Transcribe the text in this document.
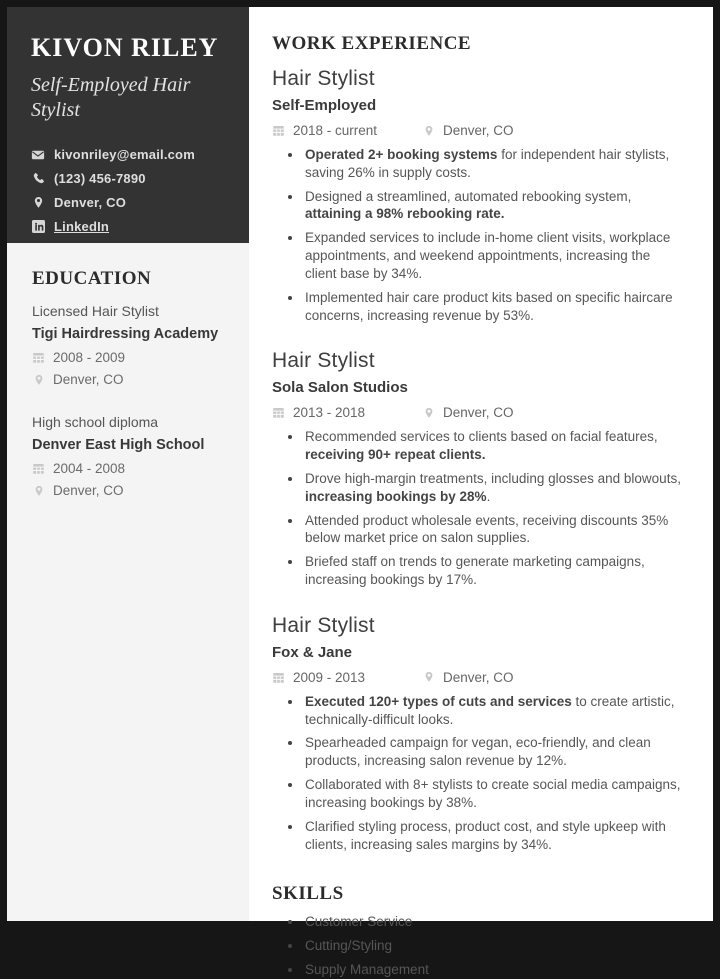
KIVON RILEY

Self-Employed Hair Stylist

kivonriley@email.com
(123) 456-7890
Denver, CO
LinkedIn
EDUCATION

Licensed Hair Stylist

Tigi Hairdressing Academy

2008 - 2009

Denver, CO

High school diploma

Denver East High School

2004 - 2008

Denver, CO

WORK EXPERIENCE
Hair Stylist

Self-Employed

2018 - current	Denver, CO

• Operated 2+ booking systems for independent hair stylists, saving 26% in supply costs.
• Designed a streamlined, automated rebooking system, attaining a 98% rebooking rate.
• Expanded services to include in-home client visits, workplace appointments, and weekend appointments, increasing the client base by 34%.
• Implemented hair care product kits based on specific haircare concerns, increasing revenue by 53%.
Hair Stylist

Sola Salon Studios

2013 - 2018	Denver, CO

• Recommended services to clients based on facial features, receiving 90+ repeat clients.
• Drove high-margin treatments, including glosses and blowouts, increasing bookings by 28%.
• Attended product wholesale events, receiving discounts 35% below market price on salon supplies.
• Briefed staff on trends to generate marketing campaigns, increasing bookings by 17%.
Hair Stylist

Fox & Jane

2009 - 2013	Denver, CO

• Executed 120+ types of cuts and services to create artistic, technically-difficult looks.
• Spearheaded campaign for vegan, eco-friendly, and clean products, increasing salon revenue by 12%.
• Collaborated with 8+ stylists to create social media campaigns, increasing bookings by 38%.
• Clarified styling process, product cost, and style upkeep with clients, increasing sales margins by 34%.
SKILLS
• Customer Service
• Cutting/Styling
• Supply Management
